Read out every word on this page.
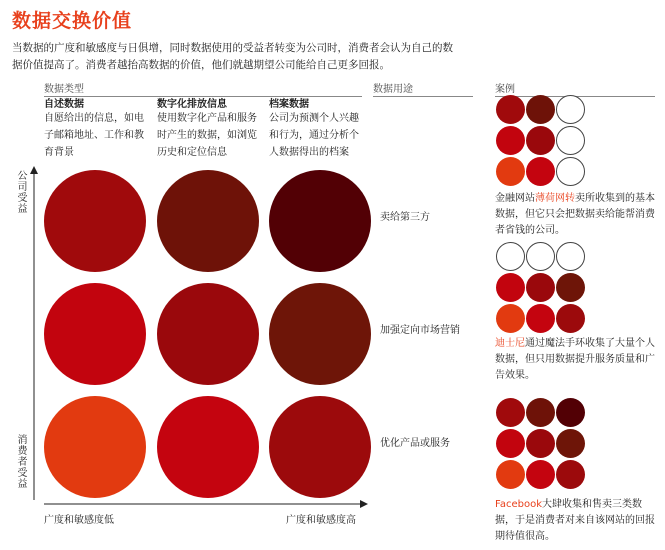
数据交换价值
当数据的广度和敏感度与日俱增，同时数据使用的受益者转变为公司时，消费者会认为自己的数据价值提高了。消费者越抬高数据的价值，他们就越期望公司能给自己更多回报。
数据类型	数据用途	案例
自述数据
自愿给出的信息，如电子邮箱地址、工作和教育背景
数字化排放信息
使用数字化产品和服务时产生的数据，如浏览历史和定位信息
档案数据
公司为预测个人兴趣和行为，通过分析个人数据得出的档案
公司受益
消费者受益
广度和敏感度低	广度和敏感度高
卖给第三方
加强定向市场营销
优化产品或服务
金融网站薄荷网转卖所收集到的基本数据，但它只会把数据卖给能帮消费者省钱的公司。
迪士尼通过魔法手环收集了大量个人数据，但只用数据提升服务质量和广告效果。
Facebook大肆收集和售卖三类数据，于是消费者对来自该网站的回报期待值很高。
